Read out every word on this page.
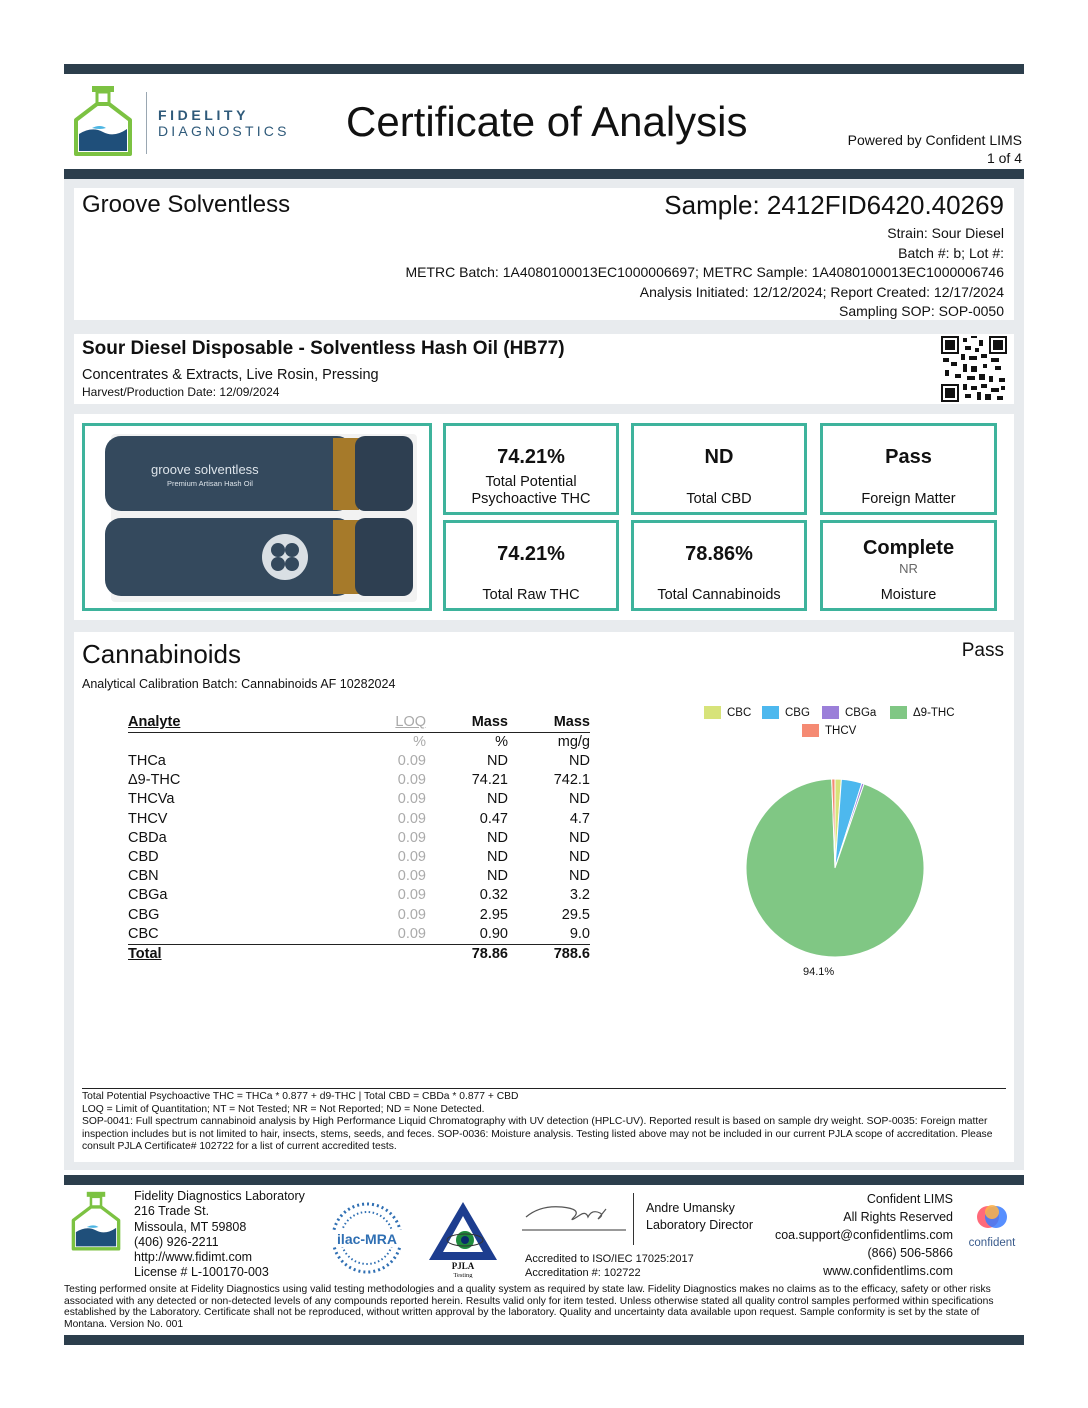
FIDELITY
DIAGNOSTICS Certificate of Analysis	Powered by Confident LIMS
1 of 4
Groove Solventless	Sample: 2412FID6420.40269
Strain: Sour Diesel
Batch #: b; Lot #:
METRC Batch: 1A4080100013EC1000006697; METRC Sample: 1A4080100013EC1000006746
Analysis Initiated: 12/12/2024; Report Created: 12/17/2024
Sampling SOP: SOP-0050
Sour Diesel Disposable - Solventless Hash Oil (HB77)
Concentrates & Extracts, Live Rosin, Pressing
Harvest/Production Date: 12/09/2024
groove solventless
Premium Artisan Hash Oil
74.21%
Total Potential Psychoactive THC
ND
Total CBD
Pass
Foreign Matter
74.21%
Total Raw THC
78.86%
Total Cannabinoids
Complete
NR
Moisture
Cannabinoids	Pass
Analytical Calibration Batch: Cannabinoids AF 10282024
Analyte	LOQ	Mass	Mass
	%	%	mg/g
THCa	0.09	ND	ND
Δ9-THC	0.09	74.21	742.1
THCVa	0.09	ND	ND
THCV	0.09	0.47	4.7
CBDa	0.09	ND	ND
CBD	0.09	ND	ND
CBN	0.09	ND	ND
CBGa	0.09	0.32	3.2
CBG	0.09	2.95	29.5
CBC	0.09	0.90	9.0
Total		78.86	788.6
CBC	CBG	CBGa	Δ9-THC
THCV
94.1%
Total Potential Psychoactive THC = THCa * 0.877 + d9-THC | Total CBD = CBDa * 0.877 + CBD
LOQ = Limit of Quantitation; NT = Not Tested; NR = Not Reported; ND = None Detected.
SOP-0041: Full spectrum cannabinoid analysis by High Performance Liquid Chromatography with UV detection (HPLC-UV). Reported result is based on sample dry weight. SOP-0035: Foreign matter inspection includes but is not limited to hair, insects, stems, seeds, and feces. SOP-0036: Moisture analysis. Testing listed above may not be included in our current PJLA scope of accreditation. Please consult PJLA Certificate# 102722 for a list of current accredited tests.
Fidelity Diagnostics Laboratory
216 Trade St.
Missoula, MT 59808
(406) 926-2211
http://www.fidimt.com
License # L-100170-003
ilac-MRA
PJLA
Testing
Andre Umansky
Laboratory Director
Accredited to ISO/IEC 17025:2017
Accreditation #: 102722
Confident LIMS
All Rights Reserved
coa.support@confidentlims.com
(866) 506-5866
www.confidentlims.com
confident
Testing performed onsite at Fidelity Diagnostics using valid testing methodologies and a quality system as required by state law. Fidelity Diagnostics makes no claims as to the efficacy, safety or other risks associated with any detected or non-detected levels of any compounds reported herein. Results valid only for item tested. Unless otherwise stated all quality control samples performed within specifications established by the Laboratory. Certificate shall not be reproduced, without written approval by the laboratory. Quality and uncertainty data available upon request. Sample conformity is set by the state of Montana. Version No. 001
